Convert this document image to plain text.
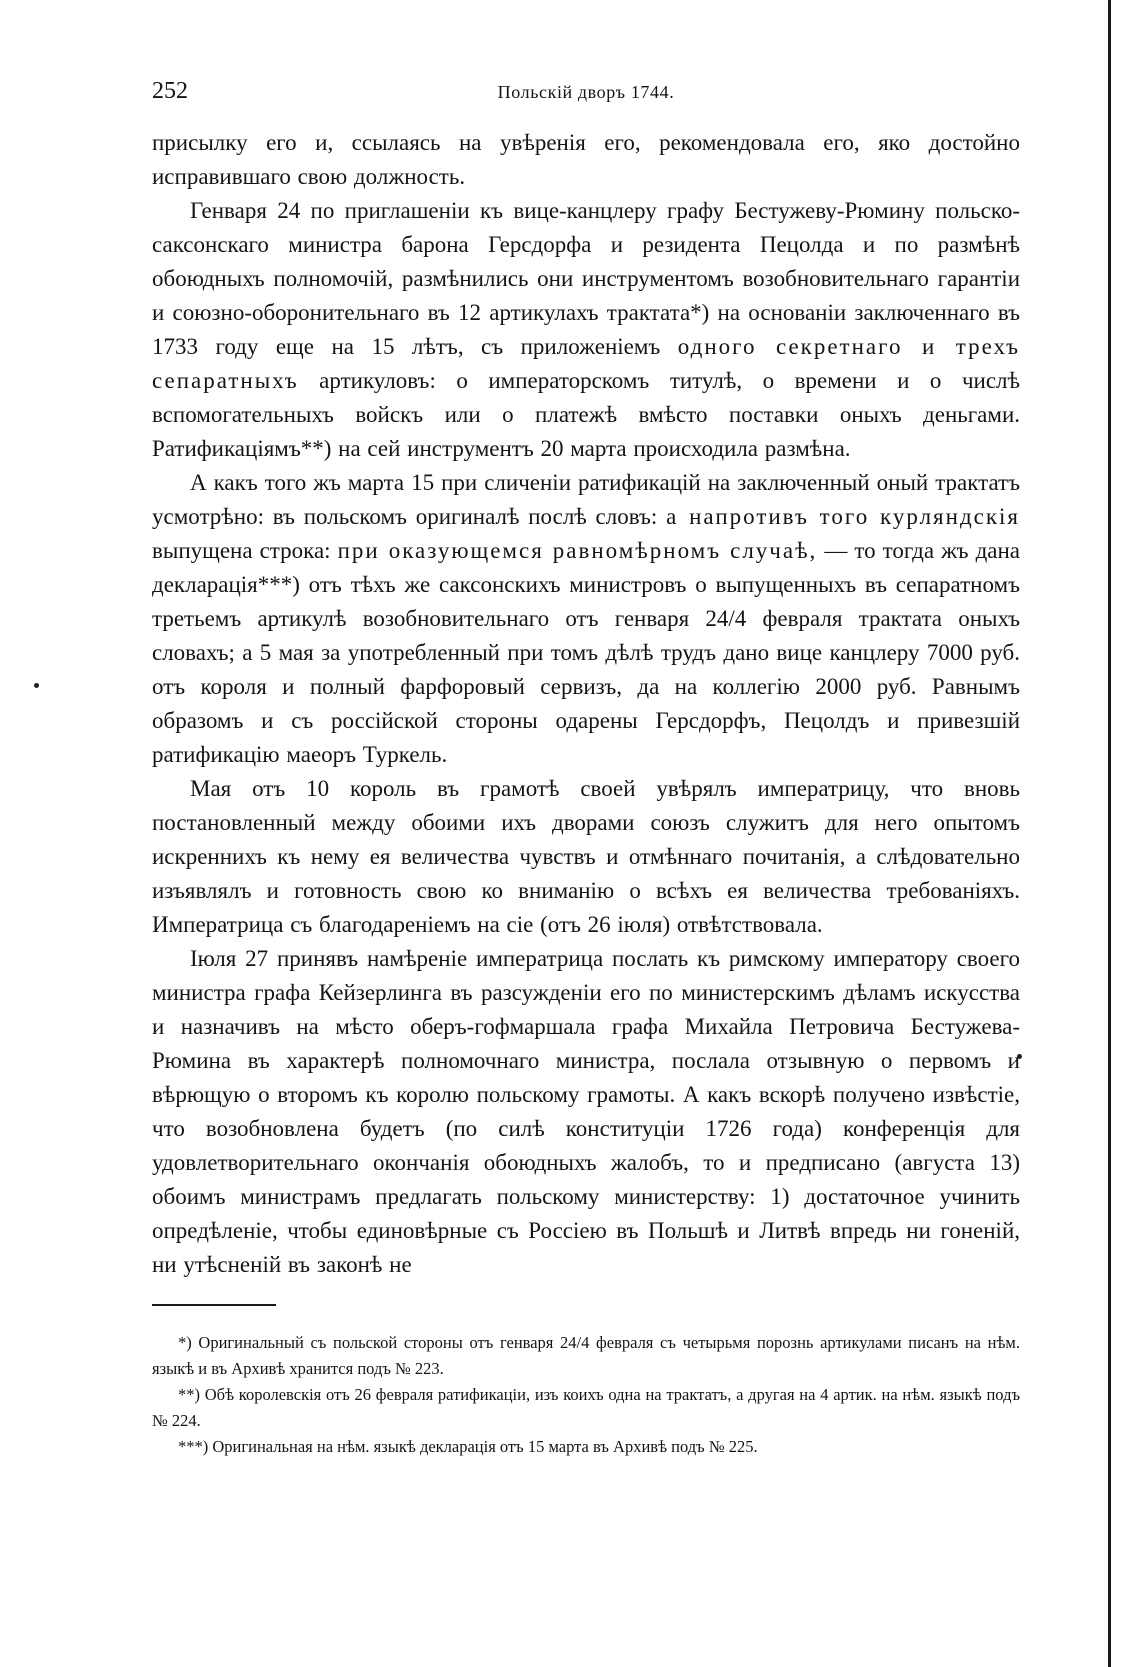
252	Польскій дворъ 1744.

присылку его и, ссылаясь на увѣренія его, рекомендовала его, яко достойно исправившаго свою должность.

Генваря 24 по приглашеніи къ вице-канцлеру графу Бестужеву-Рюмину польско-саксонскаго министра барона Герсдорфа и резидента Пецолда и по размѣнѣ обоюдныхъ полномочій, размѣнились они инструментомъ возобновительнаго гарантіи и союзно-оборонительнаго въ 12 артикулахъ трактата*) на основаніи заключеннаго въ 1733 году еще на 15 лѣтъ, съ приложеніемъ одного секретнаго и трехъ сепаратныхъ артикуловъ: о императорскомъ титулѣ, о времени и о числѣ вспомогательныхъ войскъ или о платежѣ вмѣсто поставки оныхъ деньгами. Ратификаціямъ**) на сей инструментъ 20 марта происходила размѣна.

А какъ того жъ марта 15 при сличеніи ратификацій на заключенный оный трактатъ усмотрѣно: въ польскомъ оригиналѣ послѣ словъ: а напротивъ того курляндскія выпущена строка: при оказующемся равномѣрномъ случаѣ, — то тогда жъ дана декларація***) отъ тѣхъ же саксонскихъ министровъ о выпущенныхъ въ сепаратномъ третьемъ артикулѣ возобновительнаго отъ генваря 24/4 февраля трактата оныхъ словахъ; а 5 мая за употребленный при томъ дѣлѣ трудъ дано вице канцлеру 7000 руб. отъ короля и полный фарфоровый сервизъ, да на коллегію 2000 руб. Равнымъ образомъ и съ россійской стороны одарены Герсдорфъ, Пецолдъ и привезшій ратификацію маеоръ Туркель.

Мая отъ 10 король въ грамотѣ своей увѣрялъ императрицу, что вновь постановленный между обоими ихъ дворами союзъ служитъ для него опытомъ искреннихъ къ нему ея величества чувствъ и отмѣннаго почитанія, а слѣдовательно изъявлялъ и готовность свою ко вниманію о всѣхъ ея величества требованіяхъ. Императрица съ благодареніемъ на сіе (отъ 26 іюля) отвѣтствовала.

Іюля 27 принявъ намѣреніе императрица послать къ римскому императору своего министра графа Кейзерлинга въ разсужденіи его по министерскимъ дѣламъ искусства и назначивъ на мѣсто оберъ-гофмаршала графа Михайла Петровича Бестужева-Рюмина въ характерѣ полномочнаго министра, послала отзывную о первомъ и вѣрющую о второмъ къ королю польскому грамоты. А какъ вскорѣ получено извѣстіе, что возобновлена будетъ (по силѣ конституціи 1726 года) конференція для удовлетворительнаго окончанія обоюдныхъ жалобъ, то и предписано (августа 13) обоимъ министрамъ предлагать польскому министерству: 1) достаточное учинить опредѣленіе, чтобы единовѣрные съ Россіею въ Польшѣ и Литвѣ впредь ни гоненій, ни утѣсненій въ законѣ не

*) Оригинальный съ польской стороны отъ генваря 24/4 февраля съ четырьмя порознь артикулами писанъ на нѣм. языкѣ и въ Архивѣ хранится подъ № 223.

**) Обѣ королевскія отъ 26 февраля ратификаціи, изъ коихъ одна на трактатъ, а другая на 4 артик. на нѣм. языкѣ подъ № 224.

***) Оригинальная на нѣм. языкѣ декларація отъ 15 марта въ Архивѣ подъ № 225.
